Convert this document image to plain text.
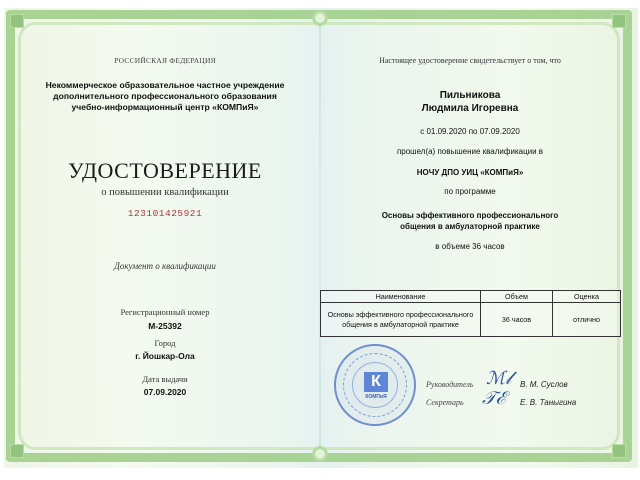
РОССИЙСКАЯ ФЕДЕРАЦИЯ
Некоммерческое образовательное частное учреждение
дополнительного профессионального образования
учебно-информационный центр «КОМПиЯ»
УДОСТОВЕРЕНИЕ
о повышении квалификации
123101425921
Документ о квалификации
Регистрационный номер
М-25392
Город
г. Йошкар-Ола
Дата выдачи
07.09.2020
Настоящее удостоверение свидетельствует о том, что
Пильникова
Людмила Игоревна
с 01.09.2020 по 07.09.2020
прошел(а) повышение квалификации в
НОЧУ ДПО УИЦ «КОМПиЯ»
по программе
Основы эффективного профессионального
общения в амбулаторной практике
в объеме 36 часов
Наименование	Объем	Оценка

Основы эффективного профессионального
общения в амбулаторной практике	36 часов	отлично
К
КОМПиЯ
Руководитель
Секретарь
ℳ𝓁
𝒯ℰ
В. М. Суслов
Е. В. Таныгина
